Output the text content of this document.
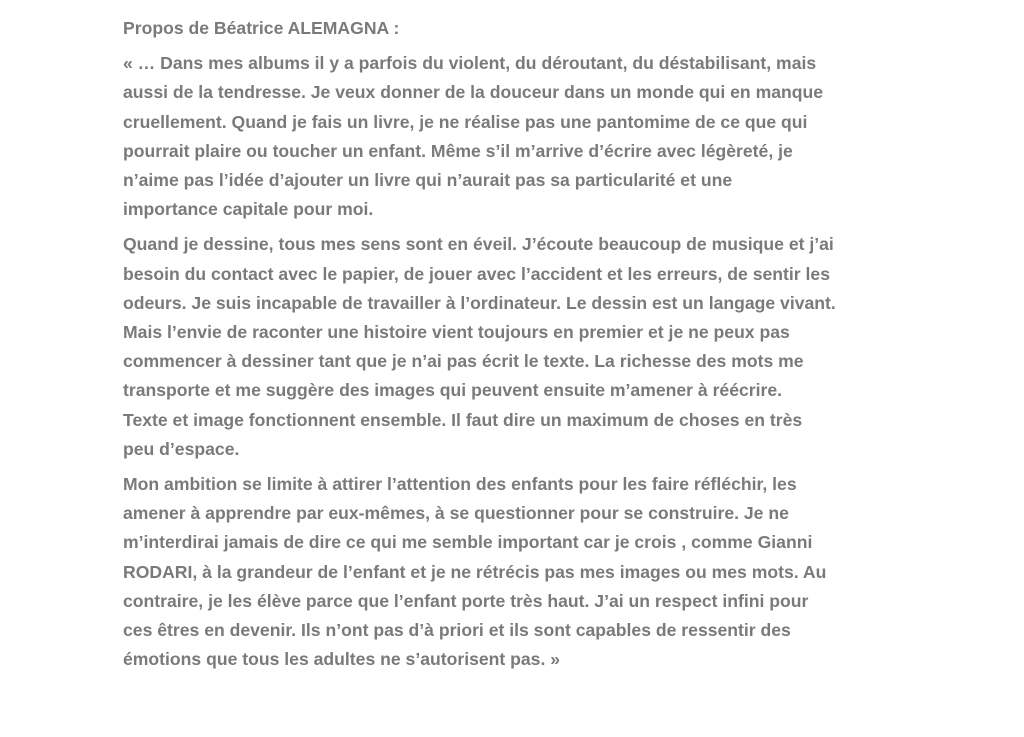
Propos de Béatrice ALEMAGNA :
« … Dans mes albums il y a parfois du violent, du déroutant, du déstabilisant, mais
aussi de la tendresse. Je veux donner de la douceur dans un monde qui en manque
cruellement. Quand je fais un livre, je ne réalise pas une pantomime de ce que qui
pourrait plaire ou toucher un enfant. Même s’il m’arrive d’écrire avec légèreté, je
n’aime pas l’idée d’ajouter un livre qui n’aurait pas sa particularité et une
importance capitale pour moi.
Quand je dessine, tous mes sens sont en éveil. J’écoute beaucoup de musique et j’ai
besoin du contact avec le papier, de jouer avec l’accident et les erreurs, de sentir les
odeurs. Je suis incapable de travailler à l’ordinateur. Le dessin est un langage vivant.
Mais l’envie de raconter une histoire vient toujours en premier et je ne peux pas
commencer à dessiner tant que je n’ai pas écrit le texte. La richesse des mots me
transporte et me suggère des images qui peuvent ensuite m’amener à réécrire.
Texte et image fonctionnent ensemble. Il faut dire un maximum de choses en très
peu d’espace.
Mon ambition se limite à attirer l’attention des enfants pour les faire réfléchir, les
amener à apprendre par eux-mêmes, à se questionner pour se construire. Je ne
m’interdirai jamais de dire ce qui me semble important car je crois , comme Gianni
RODARI, à la grandeur de l’enfant et je ne rétrécis pas mes images ou mes mots. Au
contraire, je les élève parce que l’enfant porte très haut. J’ai un respect infini pour
ces êtres en devenir. Ils n’ont pas d’à priori et ils sont capables de ressentir des
émotions que tous les adultes ne s’autorisent pas. »
